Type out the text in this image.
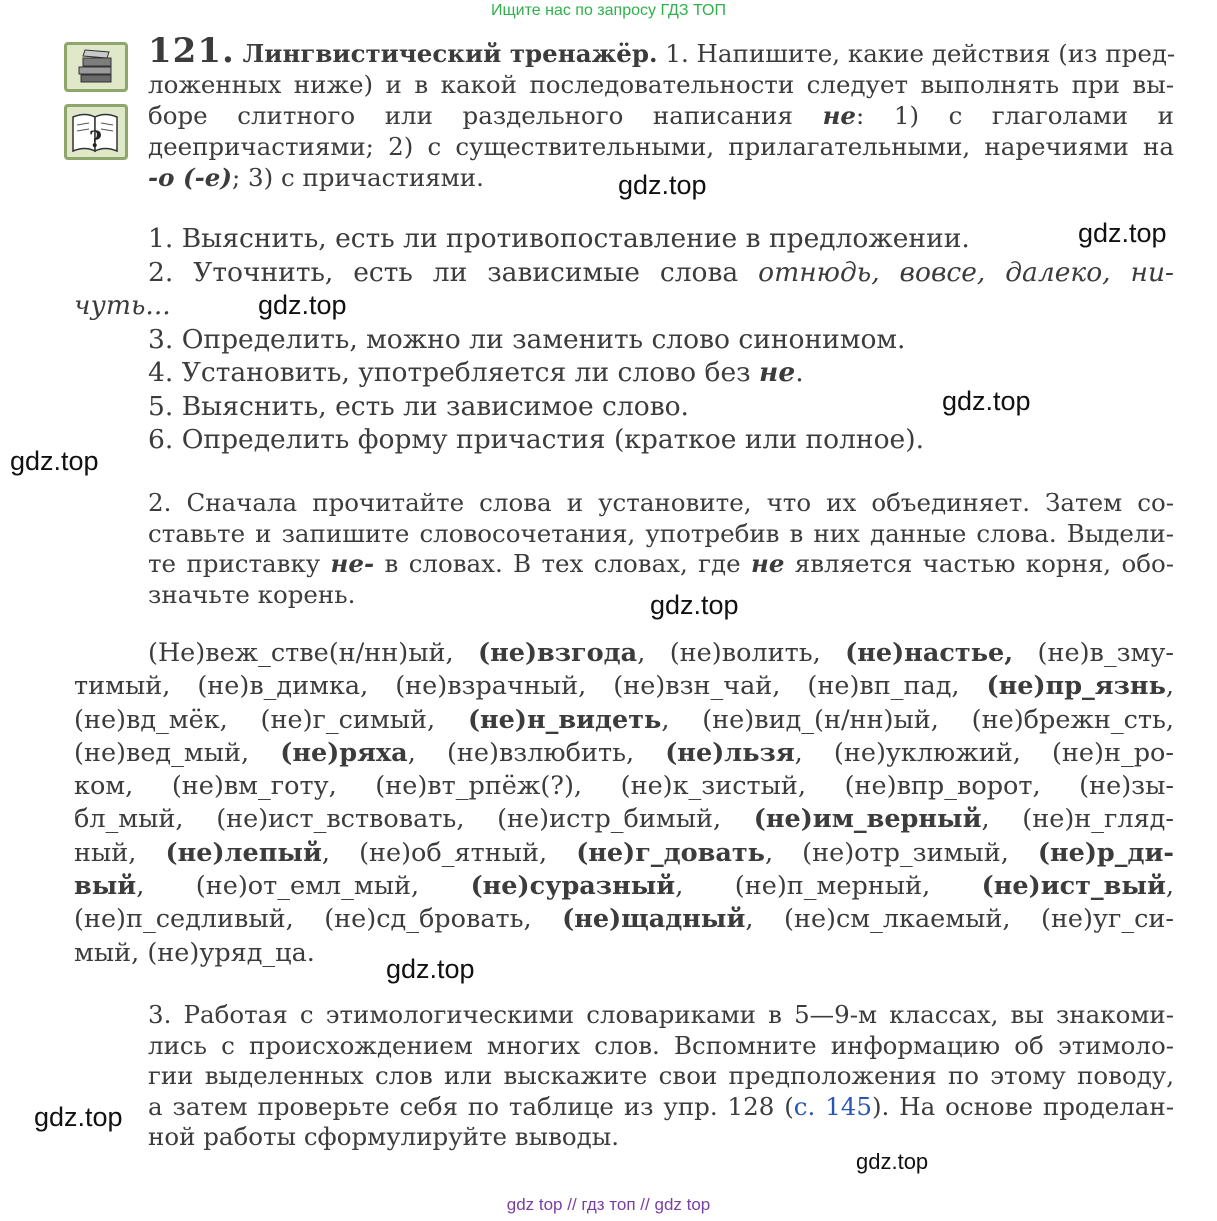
Ищите нас по запросу ГДЗ ТОП
?
121. Лингвистический тренажёр. 1. Напишите, какие действия (из пред-
ложенных ниже) и в какой последовательности следует выполнять при вы-
боре слитного или раздельного написания не: 1) с глаголами и
деепричастиями; 2) с существительными, прилагательными, наречиями на
-о (-е); 3) с причастиями.
1. Выяснить, есть ли противопоставление в предложении.
2. Уточнить, есть ли зависимые слова отнюдь, вовсе, далеко, ни-
чуть...
3. Определить, можно ли заменить слово синонимом.
4. Установить, употребляется ли слово без не.
5. Выяснить, есть ли зависимое слово.
6. Определить форму причастия (краткое или полное).
2. Сначала прочитайте слова и установите, что их объединяет. Затем со-
ставьте и запишите словосочетания, употребив в них данные слова. Выдели-
те приставку не- в словах. В тех словах, где не является частью корня, обо-
значьте корень.
(Не)веж_стве(н/нн)ый, (не)взгода, (не)волить, (не)настье, (не)в_зму-
тимый, (не)в_димка, (не)взрачный, (не)взн_чай, (не)вп_пад, (не)пр_язнь,
(не)вд_мёк, (не)г_симый, (не)н_видеть, (не)вид_(н/нн)ый, (не)брежн_сть,
(не)вед_мый, (не)ряха, (не)взлюбить, (не)льзя, (не)уклюжий, (не)н_ро-
ком, (не)вм_готу, (не)вт_рпёж(?), (не)к_зистый, (не)впр_ворот, (не)зы-
бл_мый, (не)ист_вствовать, (не)истр_бимый, (не)им_верный, (не)н_гляд-
ный, (не)лепый, (не)об_ятный, (не)г_довать, (не)отр_зимый, (не)р_ди-
вый, (не)от_емл_мый, (не)суразный, (не)п_мерный, (не)ист_вый,
(не)п_седливый, (не)сд_бровать, (не)щадный, (не)см_лкаемый, (не)уг_си-
мый, (не)уряд_ца.
3. Работая с этимологическими словариками в 5—9-м классах, вы знакоми-
лись с происхождением многих слов. Вспомните информацию об этимоло-
гии выделенных слов или выскажите свои предположения по этому поводу,
а затем проверьте себя по таблице из упр. 128 (с. 145). На основе проделан-
ной работы сформулируйте выводы.
gdz.top
gdz.top
gdz.top
gdz.top
gdz.top
gdz.top
gdz.top
gdz.top
gdz.top
gdz top // гдз топ // gdz top
